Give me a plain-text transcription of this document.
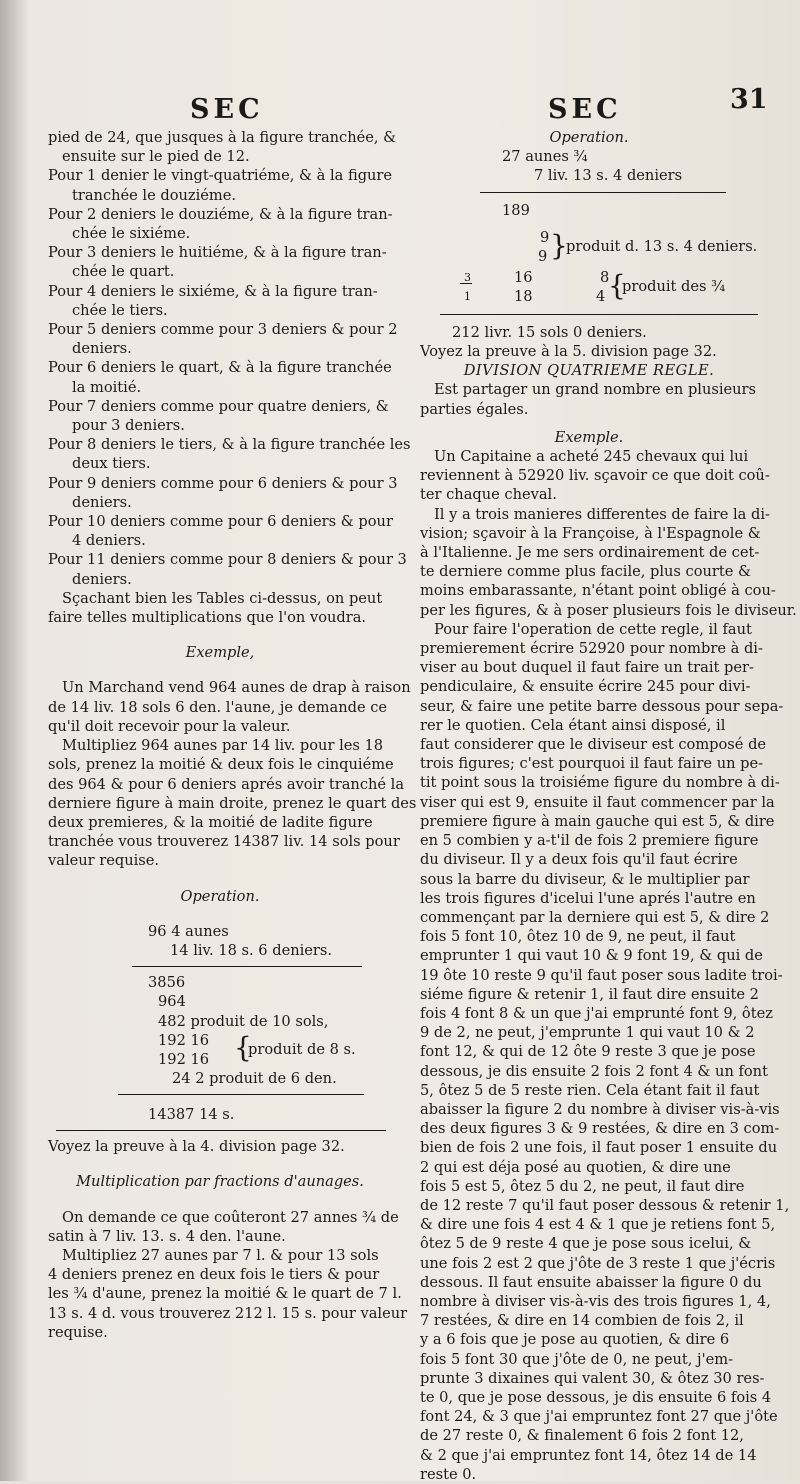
SEC	SEC	31
pied de 24, que jusques à la figure tranchée, &
ensuite sur le pied de 12.
Pour 1 denier le vingt-quatriéme, & à la figure
tranchée le douziéme.
Pour 2 deniers le douziéme, & à la figure tran-
chée le sixiéme.
Pour 3 deniers le huitiéme, & à la figure tran-
chée le quart.
Pour 4 deniers le sixiéme, & à la figure tran-
chée le tiers.
Pour 5 deniers comme pour 3 deniers & pour 2
deniers.
Pour 6 deniers le quart, & à la figure tranchée
la moitié.
Pour 7 deniers comme pour quatre deniers, &
pour 3 deniers.
Pour 8 deniers le tiers, & à la figure tranchée les
deux tiers.
Pour 9 deniers comme pour 6 deniers & pour 3
deniers.
Pour 10 deniers comme pour 6 deniers & pour
4 deniers.
Pour 11 deniers comme pour 8 deniers & pour 3
deniers.
Sçachant bien les Tables ci-dessus, on peut
faire telles multiplications que l'on voudra.
Exemple,
Un Marchand vend 964 aunes de drap à raison
de 14 liv. 18 sols 6 den. l'aune, je demande ce
qu'il doit recevoir pour la valeur.
Multipliez 964 aunes par 14 liv. pour les 18
sols, prenez la moitié & deux fois le cinquiéme
des 964 & pour 6 deniers aprés avoir tranché la
derniere figure à main droite, prenez le quart des
deux premieres, & la moitié de ladite figure
tranchée vous trouverez 14387 liv. 14 sols pour
valeur requise.
Operation.
96 4 aunes
14 liv. 18 s. 6 deniers.
3856
964
482 produit de 10 sols,
192 16
192 16 {
produit de 8 s.
24 2 produit de 6 den.
14387 14 s.
Voyez la preuve à la 4. division page 32.
Multiplication par fractions d'aunages.
On demande ce que coûteront 27 annes ¾ de
satin à 7 liv. 13. s. 4 den. l'aune.
Multipliez 27 aunes par 7 l. & pour 13 sols
4 deniers prenez en deux fois le tiers & pour
les ¾ d'aune, prenez la moitié & le quart de 7 l.
13 s. 4 d. vous trouverez 212 l. 15 s. pour valeur
requise.
Operation.
27 aunes ¾
7 liv. 13 s. 4 deniers
189
9
9 }
produit d. 13 s. 4 deniers.
3
1
16
18
8
4 {
produit des ¾
212 livr. 15 sols 0 deniers.
Voyez la preuve à la 5. division page 32.
DIVISION QUATRIEME REGLE.
Est partager un grand nombre en plusieurs
parties égales.
Exemple.
Un Capitaine a acheté 245 chevaux qui lui
reviennent à 52920 liv. sçavoir ce que doit coû-
ter chaque cheval.
Il y a trois manieres differentes de faire la di-
vision; sçavoir à la Françoise, à l'Espagnole &
à l'Italienne. Je me sers ordinairement de cet-
te derniere comme plus facile, plus courte &
moins embarassante, n'étant point obligé à cou-
per les figures, & à poser plusieurs fois le diviseur.
Pour faire l'operation de cette regle, il faut
premierement écrire 52920 pour nombre à di-
viser au bout duquel il faut faire un trait per-
pendiculaire, & ensuite écrire 245 pour divi-
seur, & faire une petite barre dessous pour sepa-
rer le quotien. Cela étant ainsi disposé, il
faut considerer que le diviseur est composé de
trois figures; c'est pourquoi il faut faire un pe-
tit point sous la troisiéme figure du nombre à di-
viser qui est 9, ensuite il faut commencer par la
premiere figure à main gauche qui est 5, & dire
en 5 combien y a-t'il de fois 2 premiere figure
du diviseur. Il y a deux fois qu'il faut écrire
sous la barre du diviseur, & le multiplier par
les trois figures d'icelui l'une aprés l'autre en
commençant par la derniere qui est 5, & dire 2
fois 5 font 10, ôtez 10 de 9, ne peut, il faut
emprunter 1 qui vaut 10 & 9 font 19, & qui de
19 ôte 10 reste 9 qu'il faut poser sous ladite troi-
siéme figure & retenir 1, il faut dire ensuite 2
fois 4 font 8 & un que j'ai emprunté font 9, ôtez
9 de 2, ne peut, j'emprunte 1 qui vaut 10 & 2
font 12, & qui de 12 ôte 9 reste 3 que je pose
dessous, je dis ensuite 2 fois 2 font 4 & un font
5, ôtez 5 de 5 reste rien. Cela étant fait il faut
abaisser la figure 2 du nombre à diviser vis-à-vis
des deux figures 3 & 9 restées, & dire en 3 com-
bien de fois 2 une fois, il faut poser 1 ensuite du
2 qui est déja posé au quotien, & dire une
fois 5 est 5, ôtez 5 du 2, ne peut, il faut dire
de 12 reste 7 qu'il faut poser dessous & retenir 1,
& dire une fois 4 est 4 & 1 que je retiens font 5,
ôtez 5 de 9 reste 4 que je pose sous icelui, &
une fois 2 est 2 que j'ôte de 3 reste 1 que j'écris
dessous. Il faut ensuite abaisser la figure 0 du
nombre à diviser vis-à-vis des trois figures 1, 4,
7 restées, & dire en 14 combien de fois 2, il
y a 6 fois que je pose au quotien, & dire 6
fois 5 font 30 que j'ôte de 0, ne peut, j'em-
prunte 3 dixaines qui valent 30, & ôtez 30 res-
te 0, que je pose dessous, je dis ensuite 6 fois 4
font 24, & 3 que j'ai empruntez font 27 que j'ôte
de 27 reste 0, & finalement 6 fois 2 font 12,
& 2 que j'ai empruntez font 14, ôtez 14 de 14
reste 0.
